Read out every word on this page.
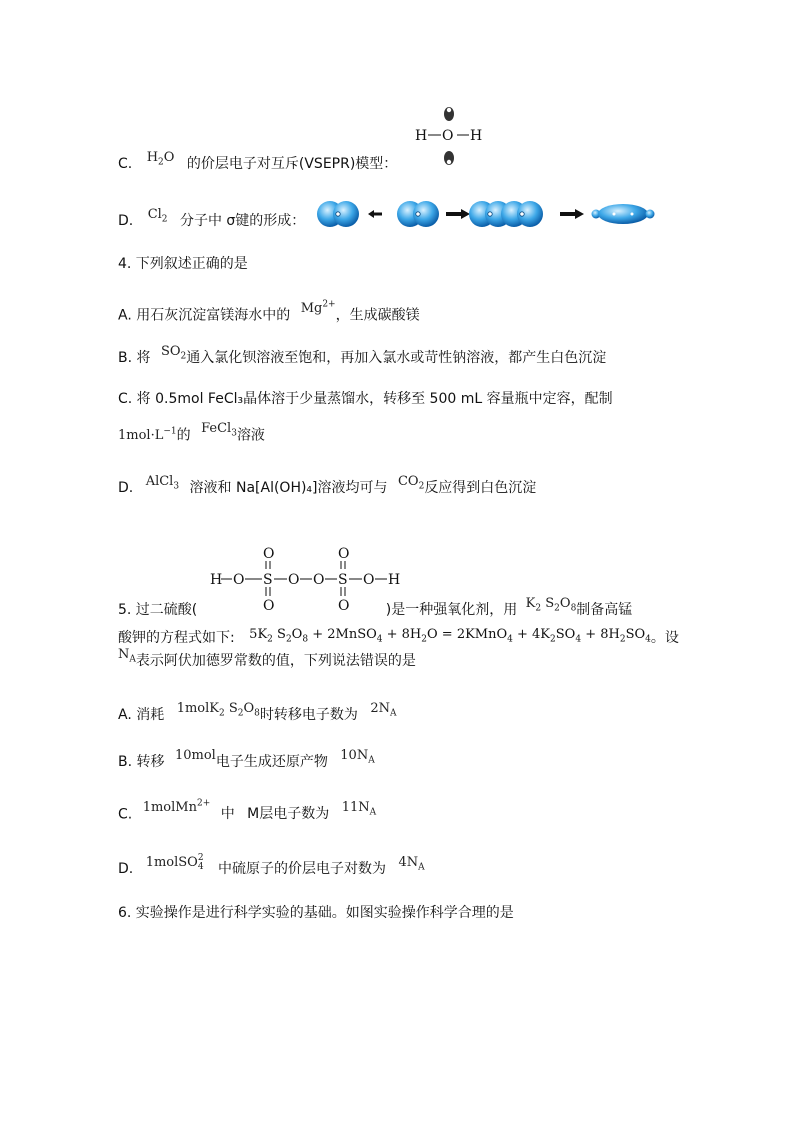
H O H
C. $H_2O$ 的价层电子对互斥(VSEPR)模型：
D. $Cl_2$ 分子中 σ键的形成：
4. 下列叙述正确的是
A. 用石灰沉淀富镁海水中的 $Mg^{2+}$，生成碳酸镁
B. 将 $SO_2$通入氯化钡溶液至饱和，再加入氯水或苛性钠溶液，都产生白色沉淀
C. 将 0.5mol FeCl₃晶体溶于少量蒸馏水，转移至 500 mL 容量瓶中定容，配制
$1mol\cdot L^{-1}$的 FeCl$_3$溶液
D. AlCl$_3$ 溶液和 Na[Al(OH)₄]溶液均可与 $CO_2$反应得到白色沉淀
O	O
H O S O O S O H
O	O
5. 过二硫酸(	)是一种强氧化剂，用 $K_2$ $S_2O_8$制备高锰
酸钾的方程式如下: $5K_2$ $S_2O_8$ + 2MnSO$_4$ + $8H_2O$ = 2KMnO$_4$ + $4K_2SO_4 + 8H_2SO_4$。设
$N_A$表示阿伏加德罗常数的值，下列说法错误的是
A. 消耗 1molK$_2$ $S_2O_8$时转移电子数为 $2N_A$
B. 转移 10mol电子生成还原产物 $10N_A$
C. 1molMn$^{2+}$ 中 M层电子数为 $11N_A$
D. 1molSO 2
4 中硫原子的价层电子对数为 $4N_A$
6. 实验操作是进行科学实验的基础。如图实验操作科学合理的是
